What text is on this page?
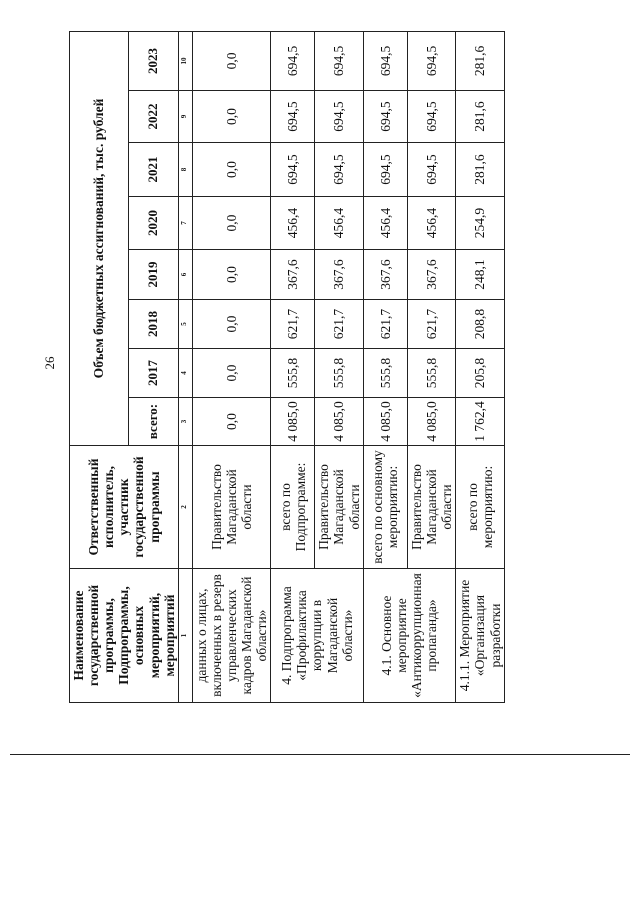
26
Наименование государственной программы, Подпрограммы, основных мероприятий, мероприятий	Ответственный исполнитель, участник государственной программы	Объем бюджетных ассигнований, тыс. рублей							
		всего:	2017	2018	2019	2020	2021	2022	2023
1	2	3	4	5	6	7	8	9	10
данных о лицах, включенных в резерв управленческих кадров Магаданской области»	Правительство Магаданской области	0,0	0,0	0,0	0,0	0,0	0,0	0,0	0,0
4. Подпрограмма «Профилактика коррупции в Магаданской области»	всего по Подпрограмме:	4 085,0	555,8	621,7	367,6	456,4	694,5	694,5	694,5
	Правительство Магаданской области	4 085,0	555,8	621,7	367,6	456,4	694,5	694,5	694,5
4.1. Основное мероприятие «Антикоррупционная пропаганда»	всего по основному мероприятию:	4 085,0	555,8	621,7	367,6	456,4	694,5	694,5	694,5
	Правительство Магаданской области	4 085,0	555,8	621,7	367,6	456,4	694,5	694,5	694,5
4.1.1. Мероприятие «Организация разработки	всего по мероприятию:	1 762,4	205,8	208,8	248,1	254,9	281,6	281,6	281,6
